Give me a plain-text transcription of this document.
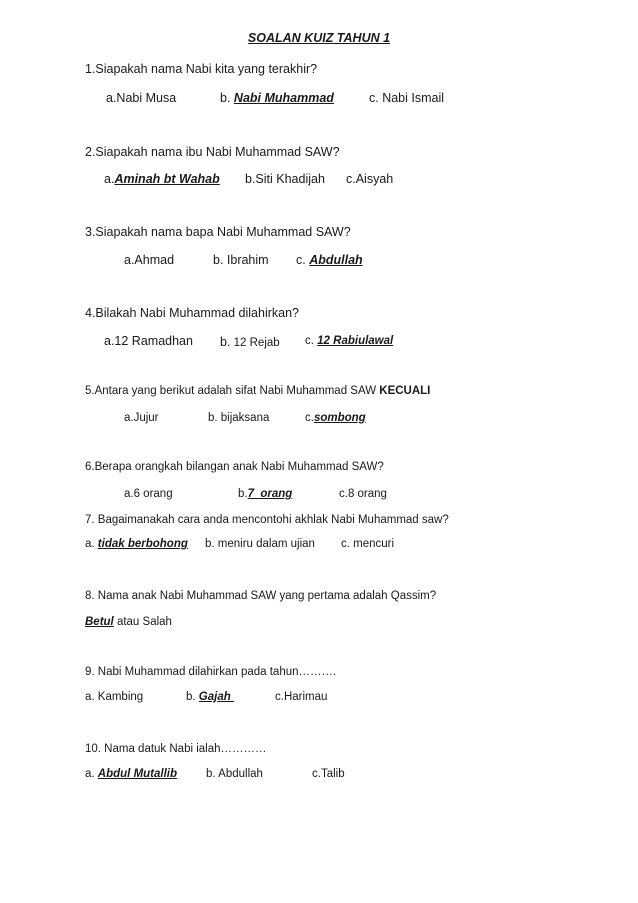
SOALAN KUIZ TAHUN 1
1.Siapakah nama Nabi kita yang terakhir?
a.Nabi Musa	b. Nabi Muhammad	c. Nabi Ismail
2.Siapakah nama ibu Nabi Muhammad SAW?
a.Aminah bt Wahab b.Siti Khadijah c.Aisyah
3.Siapakah nama bapa Nabi Muhammad SAW?
a.Ahmad	b. Ibrahim c. Abdullah
4.Bilakah Nabi Muhammad dilahirkan?
a.12 Ramadhan b. 12 Rejab c. 12 Rabiulawal
5.Antara yang berikut adalah sifat Nabi Muhammad SAW KECUALI
a.Jujur	b. bijaksana	c.sombong
6.Berapa orangkah bilangan anak Nabi Muhammad SAW?
a.6 orang	b.7  orang	c.8 orang
7. Bagaimanakah cara anda mencontohi akhlak Nabi Muhammad saw?
a. tidak berbohong b. meniru dalam ujian c. mencuri
8. Nama anak Nabi Muhammad SAW yang pertama adalah Qassim?
Betul atau Salah
9. Nabi Muhammad dilahirkan pada tahun……….
a. Kambing	b. Gajah	c.Harimau
10. Nama datuk Nabi ialah…………
a. Abdul Mutallib	b. Abdullah	c.Talib
